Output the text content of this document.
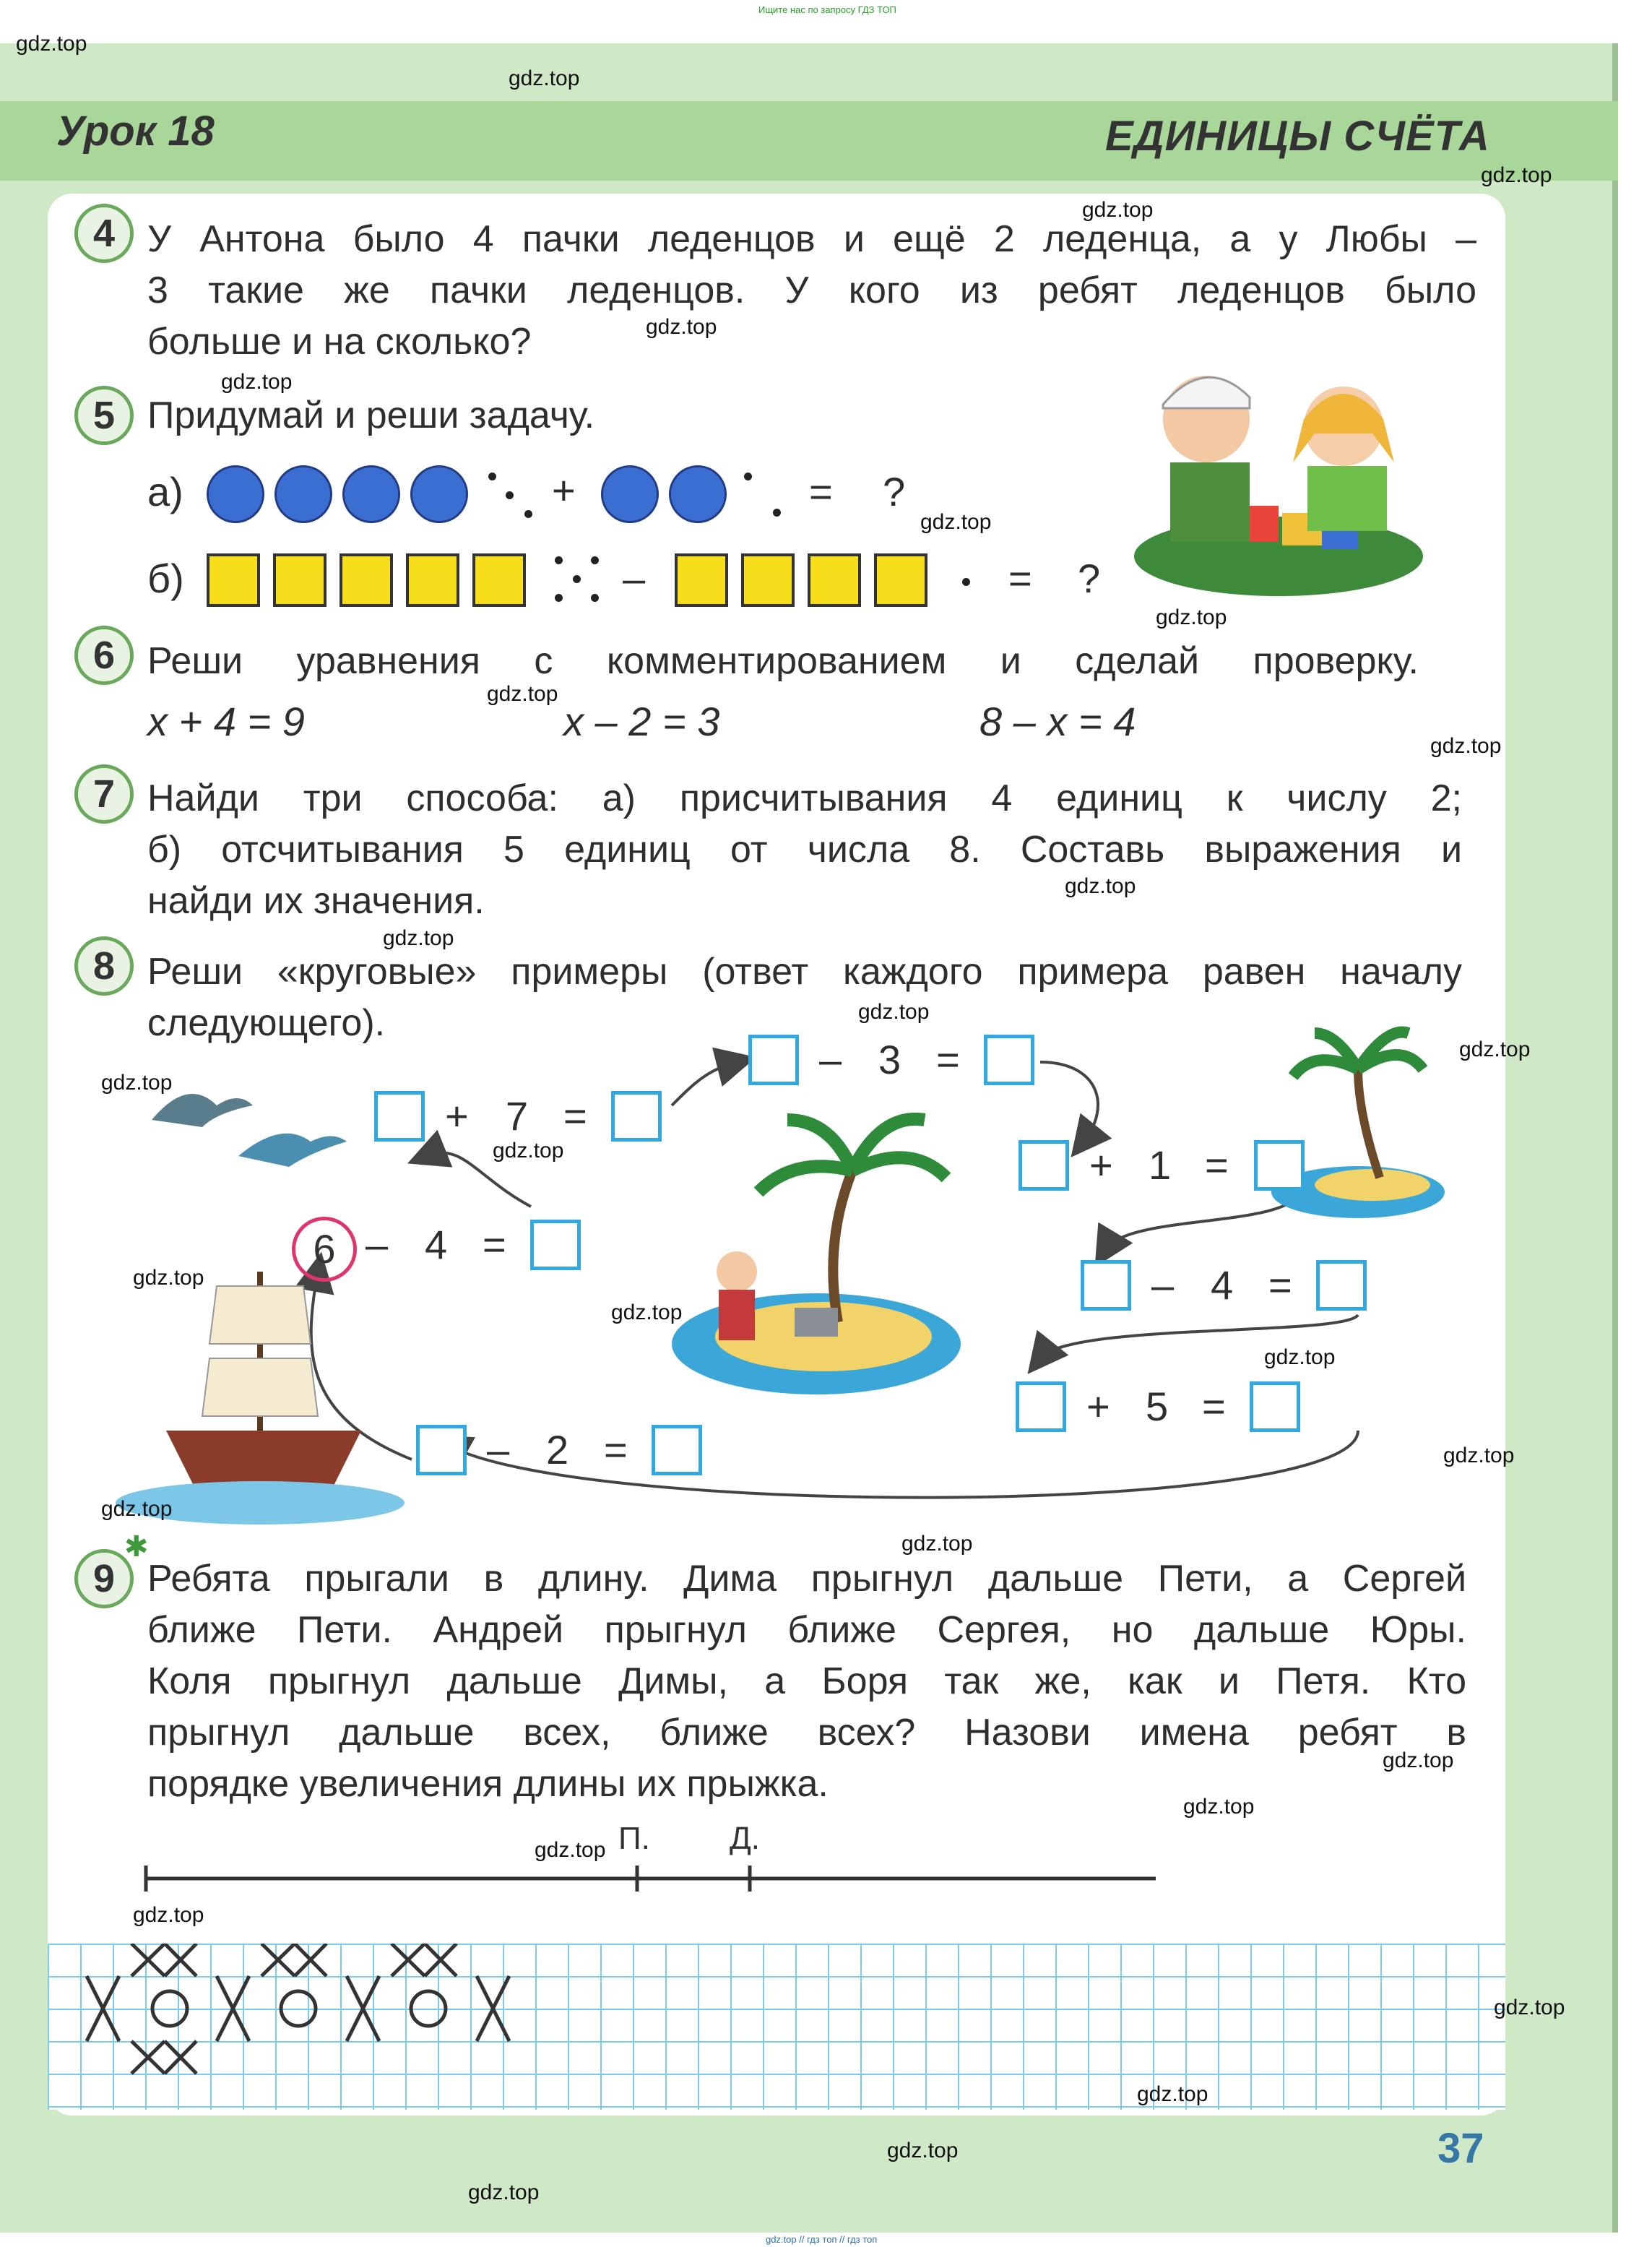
Ищите нас по запросу ГДЗ ТОП
gdz.top // гдз топ // гдз топ
Урок 18	ЕДИНИЦЫ СЧЁТА
4 У Антона было 4 пачки леденцов и ещё 2 леденца, а у Любы –
3 такие же пачки леденцов. У кого из ребят леденцов было
больше и на сколько?
5 Придумай и реши задачу.
а)	+	= ?
б)	–	= ?
6 Реши уравнения с комментированием и сделай проверку.
x + 4 = 9	x – 2 = 3	8 – x = 4
7 Найди три способа: а) присчитывания 4 единиц к числу 2;
б) отсчитывания 5 единиц от числа 8. Составь выражения и
найди их значения.
8 Реши «круговые» примеры (ответ каждого примера равен началу
следующего).
6 – 4 =
+ 7 =
– 3 =
+ 1 =
– 4 =
+ 5 =
– 2 =
✱
9 Ребята прыгали в длину. Дима прыгнул дальше Пети, а Сергей
ближе Пети. Андрей прыгнул ближе Сергея, но дальше Юры.
Коля прыгнул дальше Димы, а Боря так же, как и Петя. Кто
прыгнул дальше всех, ближе всех? Назови имена ребят в
порядке увеличения длины их прыжка.
П.	Д.
37
gdz.top
gdz.top
gdz.top
gdz.top
gdz.top
gdz.top
gdz.top
gdz.top
gdz.top
gdz.top
gdz.top
gdz.top
gdz.top
gdz.top
gdz.top
gdz.top
gdz.top
gdz.top
gdz.top
gdz.top
gdz.top
gdz.top
gdz.top
gdz.top
gdz.top
gdz.top
gdz.top
gdz.top
gdz.top
gdz.top
